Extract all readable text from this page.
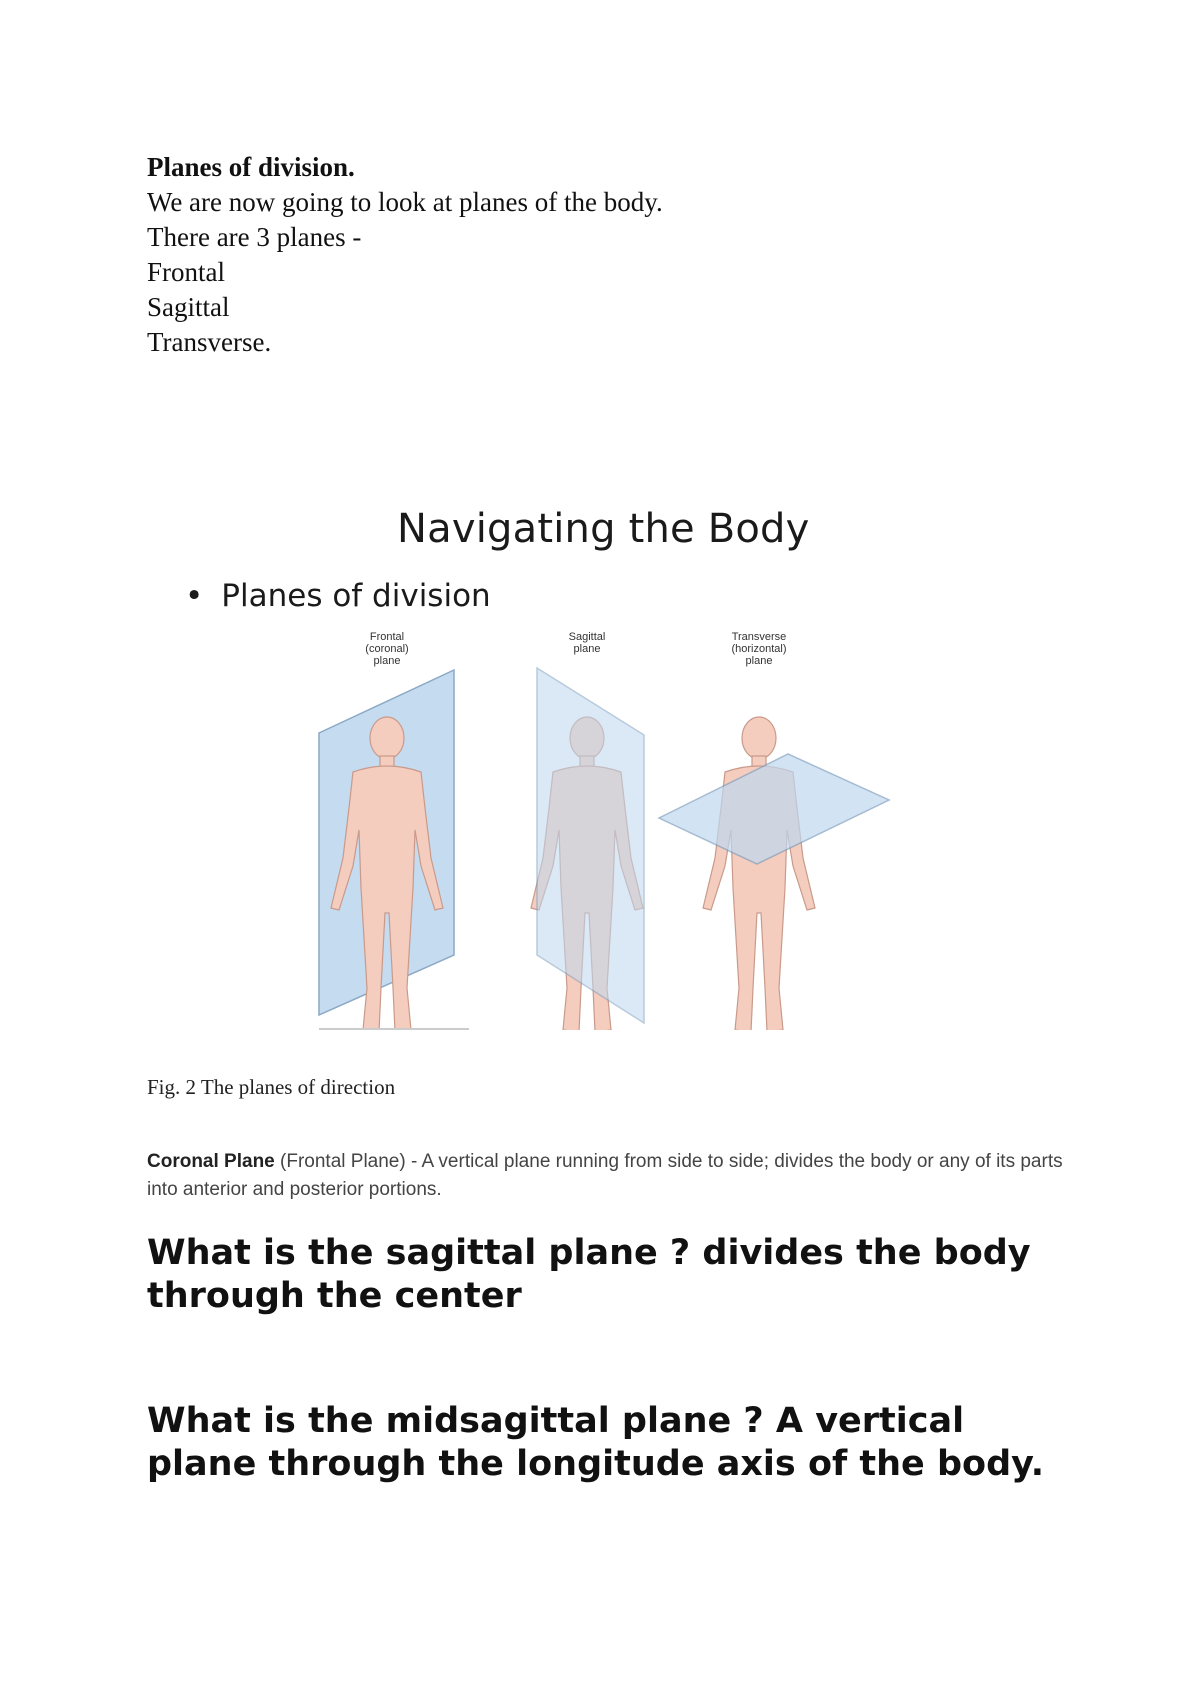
Planes of division.
We are now going to look at planes of the body.
There are 3 planes -
Frontal
Sagittal
Transverse.
Navigating the Body
• Planes of division
Frontal
(coronal)
plane
Sagittal
plane
Transverse
(horizontal)
plane
Fig. 2 The planes of direction
Coronal Plane (Frontal Plane) - A vertical plane running from side to side; divides the body or any of its parts into anterior and posterior portions.
What is the sagittal plane ? divides the body through the center
What is the midsagittal plane ? A vertical plane through the longitude axis of the body.
